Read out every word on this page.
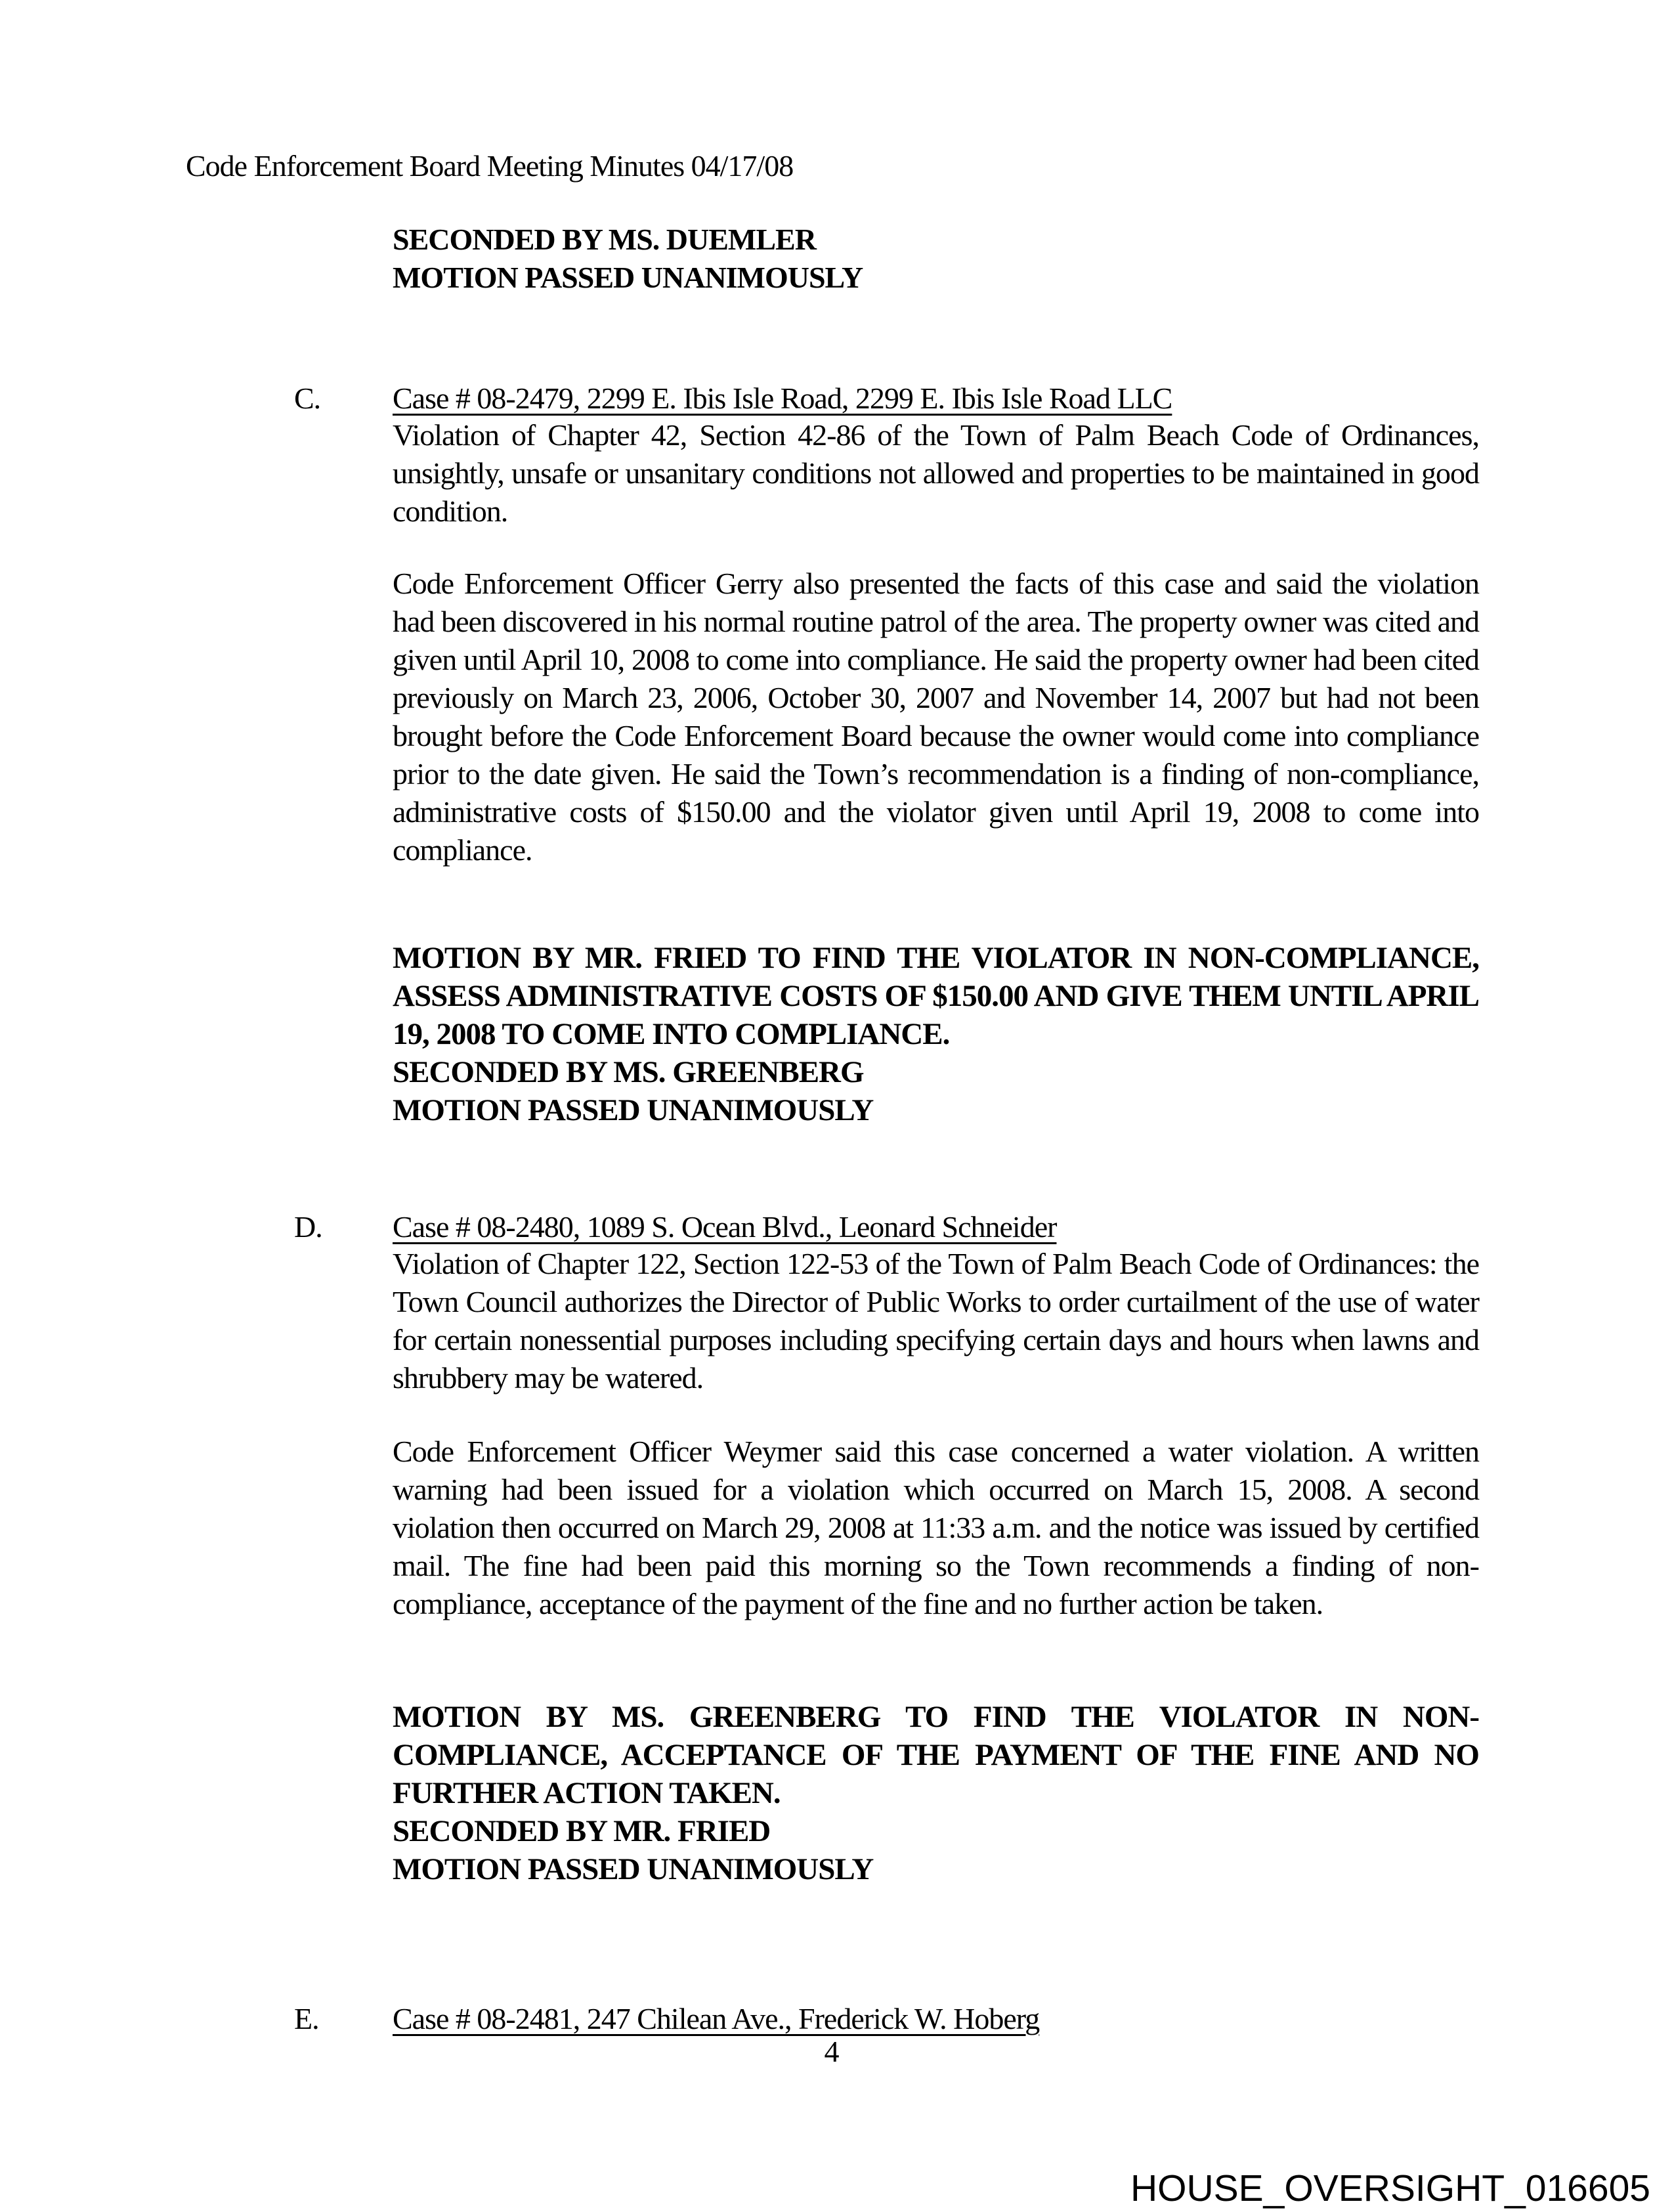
Code Enforcement Board Meeting Minutes 04/17/08
SECONDED BY MS. DUEMLER
MOTION PASSED UNANIMOUSLY
C.	Case # 08-2479, 2299 E. Ibis Isle Road, 2299 E. Ibis Isle Road LLC
Violation of Chapter 42, Section 42-86 of the Town of Palm Beach Code of Ordinances, unsightly, unsafe or unsanitary conditions not allowed and properties to be maintained in good condition.
Code Enforcement Officer Gerry also presented the facts of this case and said the violation had been discovered in his normal routine patrol of the area. The property owner was cited and given until April 10, 2008 to come into compliance. He said the property owner had been cited previously on March 23, 2006, October 30, 2007 and November 14, 2007 but had not been brought before the Code Enforcement Board because the owner would come into compliance prior to the date given. He said the Town’s recommendation is a finding of non-compliance, administrative costs of $150.00 and the violator given until April 19, 2008 to come into compliance.
MOTION BY MR. FRIED TO FIND THE VIOLATOR IN NON-COMPLIANCE, ASSESS ADMINISTRATIVE COSTS OF $150.00 AND GIVE THEM UNTIL APRIL 19, 2008 TO COME INTO COMPLIANCE.
SECONDED BY MS. GREENBERG
MOTION PASSED UNANIMOUSLY
D.	Case # 08-2480, 1089 S. Ocean Blvd., Leonard Schneider
Violation of Chapter 122, Section 122-53 of the Town of Palm Beach Code of Ordinances: the Town Council authorizes the Director of Public Works to order curtailment of the use of water for certain nonessential purposes including specifying certain days and hours when lawns and shrubbery may be watered.
Code Enforcement Officer Weymer said this case concerned a water violation. A written warning had been issued for a violation which occurred on March 15, 2008. A second violation then occurred on March 29, 2008 at 11:33 a.m. and the notice was issued by certified mail. The fine had been paid this morning so the Town recommends a finding of non-compliance, acceptance of the payment of the fine and no further action be taken.
MOTION BY MS. GREENBERG TO FIND THE VIOLATOR IN NON-COMPLIANCE, ACCEPTANCE OF THE PAYMENT OF THE FINE AND NO FURTHER ACTION TAKEN.
SECONDED BY MR. FRIED
MOTION PASSED UNANIMOUSLY
E.	Case # 08-2481, 247 Chilean Ave., Frederick W. Hoberg
4
HOUSE_OVERSIGHT_016605
